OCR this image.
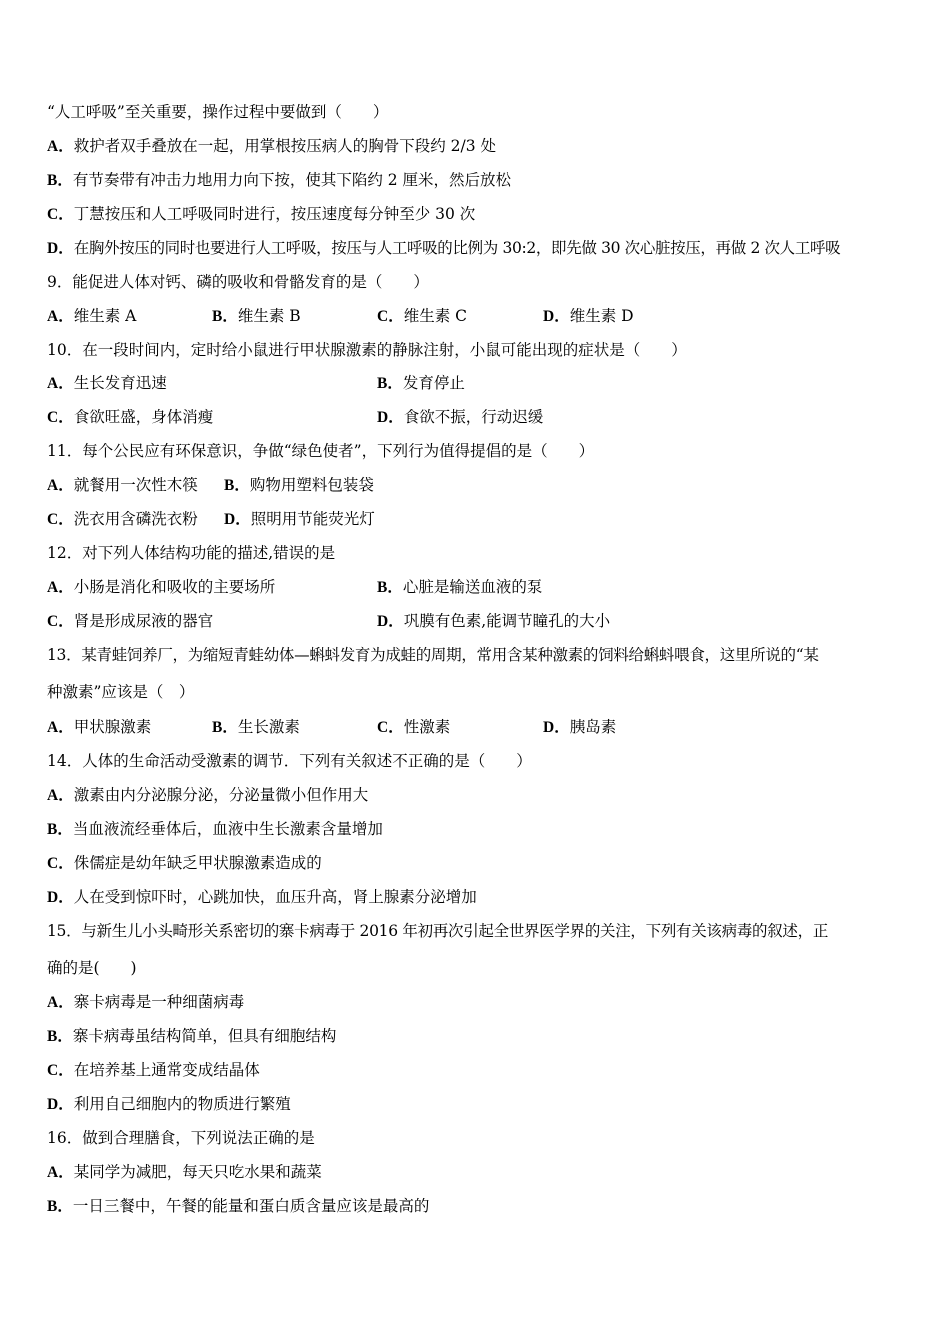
“人工呼吸”至关重要，操作过程中要做到（　　）
A．救护者双手叠放在一起，用掌根按压病人的胸骨下段约 2/3 处
B．有节奏带有冲击力地用力向下按，使其下陷约 2 厘米，然后放松
C．丁慧按压和人工呼吸同时进行，按压速度每分钟至少 30 次
D．在胸外按压的同时也要进行人工呼吸，按压与人工呼吸的比例为 30:2，即先做 30 次心脏按压，再做 2 次人工呼吸
9．能促进人体对钙、磷的吸收和骨骼发育的是（　　）
A．维生素 A	B．维生素 B	C．维生素 C	D．维生素 D
10．在一段时间内，定时给小鼠进行甲状腺激素的静脉注射，小鼠可能出现的症状是（　　）
A．生长发育迅速	B．发育停止
C．食欲旺盛，身体消瘦	D．食欲不振，行动迟缓
11．每个公民应有环保意识，争做“绿色使者”，下列行为值得提倡的是（　　）
A．就餐用一次性木筷 B．购物用塑料包装袋
C．洗衣用含磷洗衣粉 D．照明用节能荧光灯
12．对下列人体结构功能的描述,错误的是
A．小肠是消化和吸收的主要场所	B．心脏是输送血液的泵
C．肾是形成尿液的器官	D．巩膜有色素,能调节瞳孔的大小
13．某青蛙饲养厂，为缩短青蛙幼体—蝌蚪发育为成蛙的周期，常用含某种激素的饲料给蝌蚪喂食，这里所说的“某
种激素”应该是（　）
A．甲状腺激素	B．生长激素	C．性激素	D．胰岛素
14．人体的生命活动受激素的调节．下列有关叙述不正确的是（　　）
A．激素由内分泌腺分泌，分泌量微小但作用大
B．当血液流经垂体后，血液中生长激素含量增加
C．侏儒症是幼年缺乏甲状腺激素造成的
D．人在受到惊吓时，心跳加快，血压升高，肾上腺素分泌增加
15．与新生儿小头畸形关系密切的寨卡病毒于 2016 年初再次引起全世界医学界的关注，下列有关该病毒的叙述，正
确的是(　　)
A．寨卡病毒是一种细菌病毒
B．寨卡病毒虽结构简单，但具有细胞结构
C．在培养基上通常变成结晶体
D．利用自己细胞内的物质进行繁殖
16．做到合理膳食，下列说法正确的是
A．某同学为减肥，每天只吃水果和蔬菜
B．一日三餐中，午餐的能量和蛋白质含量应该是最高的
